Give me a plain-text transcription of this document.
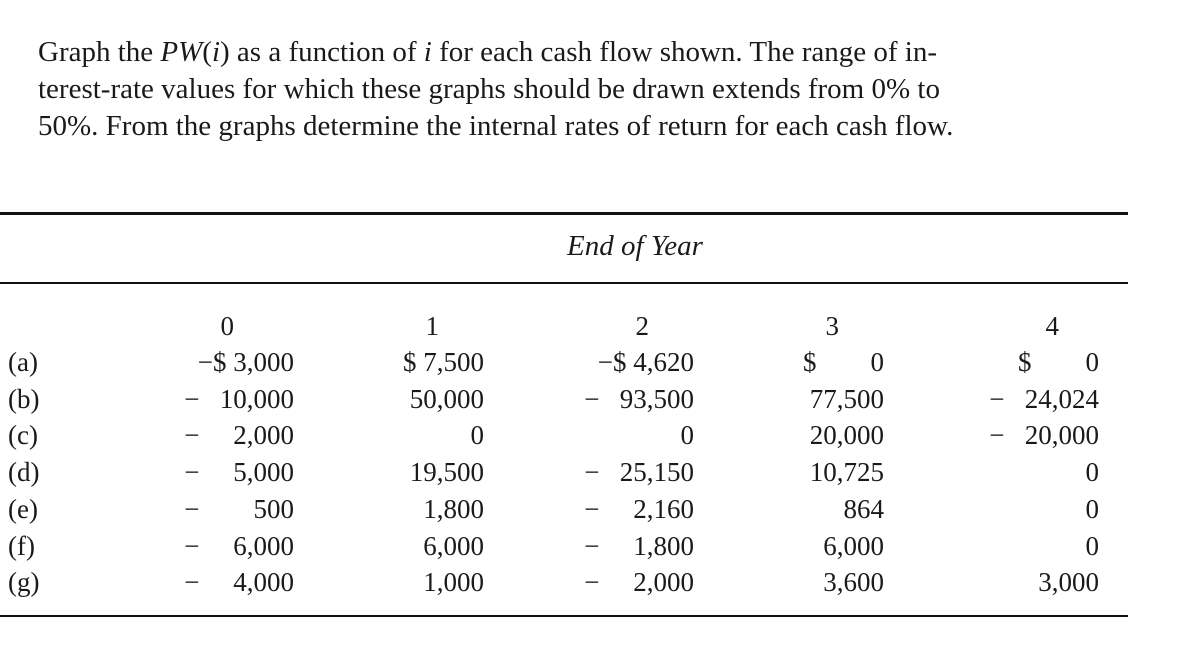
Graph the PW(i) as a function of i for each cash flow shown. The range of in-
terest-rate values for which these graphs should be drawn extends from 0% to
50%. From the graphs determine the internal rates of return for each cash flow.
End of Year
0	1	2	3	4
(a)	−$ 3,000	$ 7,500	−$ 4,620	$        0	$        0
(b)	−   10,000	50,000	−   93,500	77,500	−   24,024
(c)	−     2,000	0	0	20,000	−   20,000
(d)	−     5,000	19,500	−   25,150	10,725	0
(e)	−        500	1,800	−     2,160	864	0
(f)	−     6,000	6,000	−     1,800	6,000	0
(g)	−     4,000	1,000	−     2,000	3,600	3,000
